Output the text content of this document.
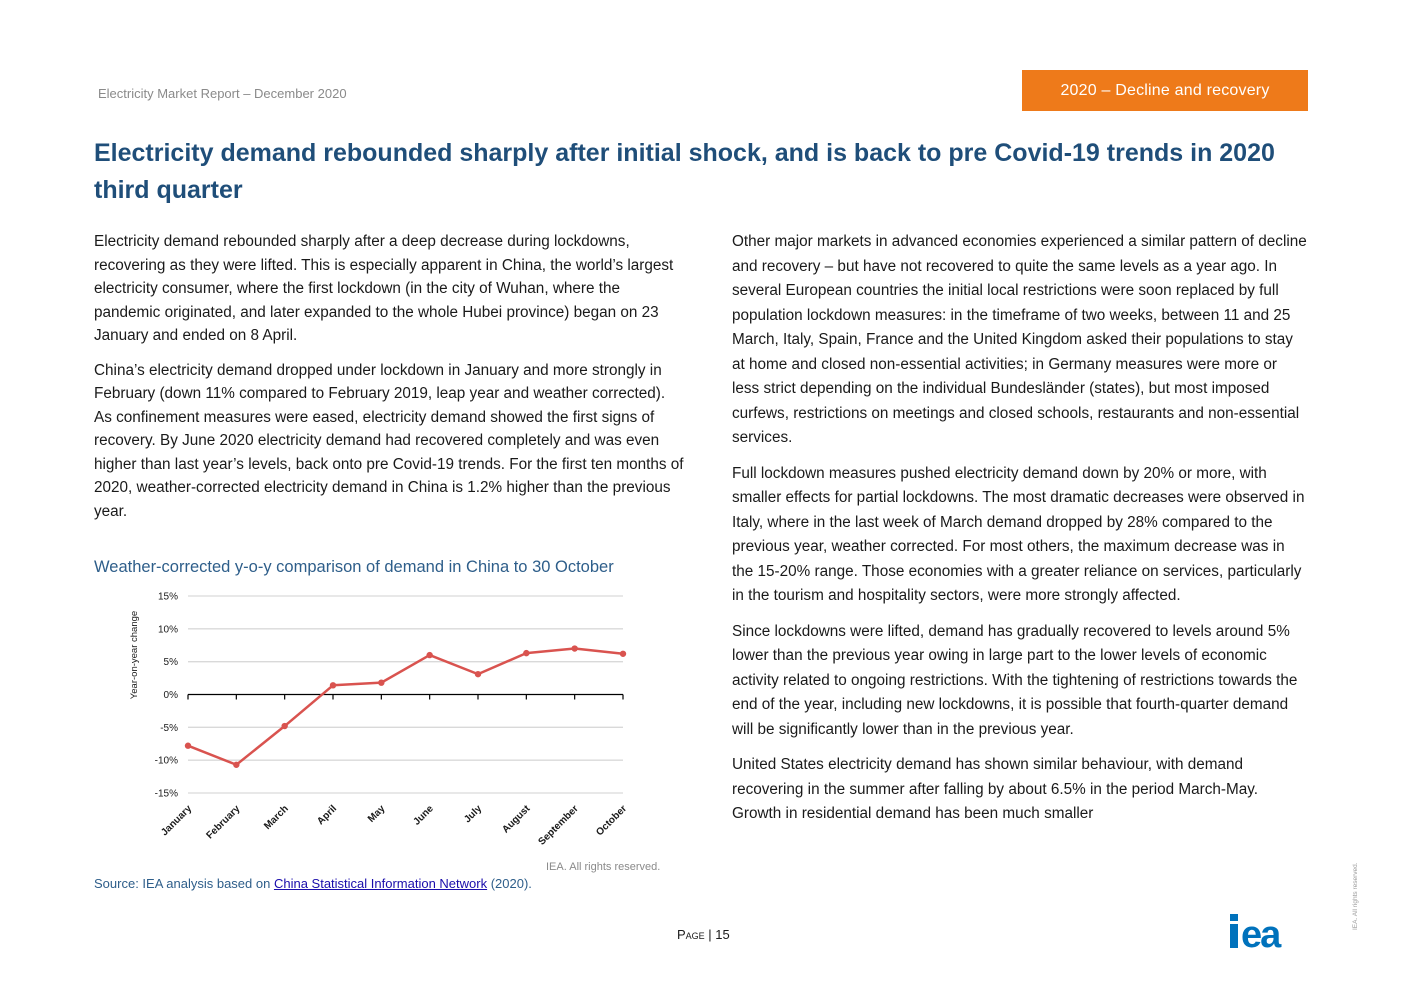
Electricity Market Report – December 2020	2020 – Decline and recovery
Electricity demand rebounded sharply after initial shock, and is back to pre Covid-19 trends in 2020 third quarter

Electricity demand rebounded sharply after a deep decrease during lockdowns, recovering as they were lifted. This is especially apparent in China, the world’s largest electricity consumer, where the first lockdown (in the city of Wuhan, where the pandemic originated, and later expanded to the whole Hubei province) began on 23 January and ended on 8 April.

China’s electricity demand dropped under lockdown in January and more strongly in February (down 11% compared to February 2019, leap year and weather corrected). As confinement measures were eased, electricity demand showed the first signs of recovery. By June 2020 electricity demand had recovered completely and was even higher than last year’s levels, back onto pre Covid-19 trends. For the first ten months of 2020, weather-corrected electricity demand in China is 1.2% higher than the previous year.

Weather-corrected y-o-y comparison of demand in China to 30 October
15%
10%
5%
0%
-5%
-10%
-15%
January February March April	May June	July August September October
Year-on-year change
IEA. All rights reserved.
Source: IEA analysis based on China Statistical Information Network (2020).

Other major markets in advanced economies experienced a similar pattern of decline and recovery – but have not recovered to quite the same levels as a year ago. In several European countries the initial local restrictions were soon replaced by full population lockdown measures: in the timeframe of two weeks, between 11 and 25 March, Italy, Spain, France and the United Kingdom asked their populations to stay at home and closed non-essential activities; in Germany measures were more or less strict depending on the individual Bundesländer (states), but most imposed curfews, restrictions on meetings and closed schools, restaurants and non-essential services.

Full lockdown measures pushed electricity demand down by 20% or more, with smaller effects for partial lockdowns. The most dramatic decreases were observed in Italy, where in the last week of March demand dropped by 28% compared to the previous year, weather corrected. For most others, the maximum decrease was in the 15-20% range. Those economies with a greater reliance on services, particularly in the tourism and hospitality sectors, were more strongly affected.

Since lockdowns were lifted, demand has gradually recovered to levels around 5% lower than the previous year owing in large part to the lower levels of economic activity related to ongoing restrictions. With the tightening of restrictions towards the end of the year, including new lockdowns, it is possible that fourth-quarter demand will be significantly lower than in the previous year.

United States electricity demand has shown similar behaviour, with demand recovering in the summer after falling by about 6.5% in the period March-May. Growth in residential demand has been much smaller

Page | 15	ea
IEA. All rights reserved.
